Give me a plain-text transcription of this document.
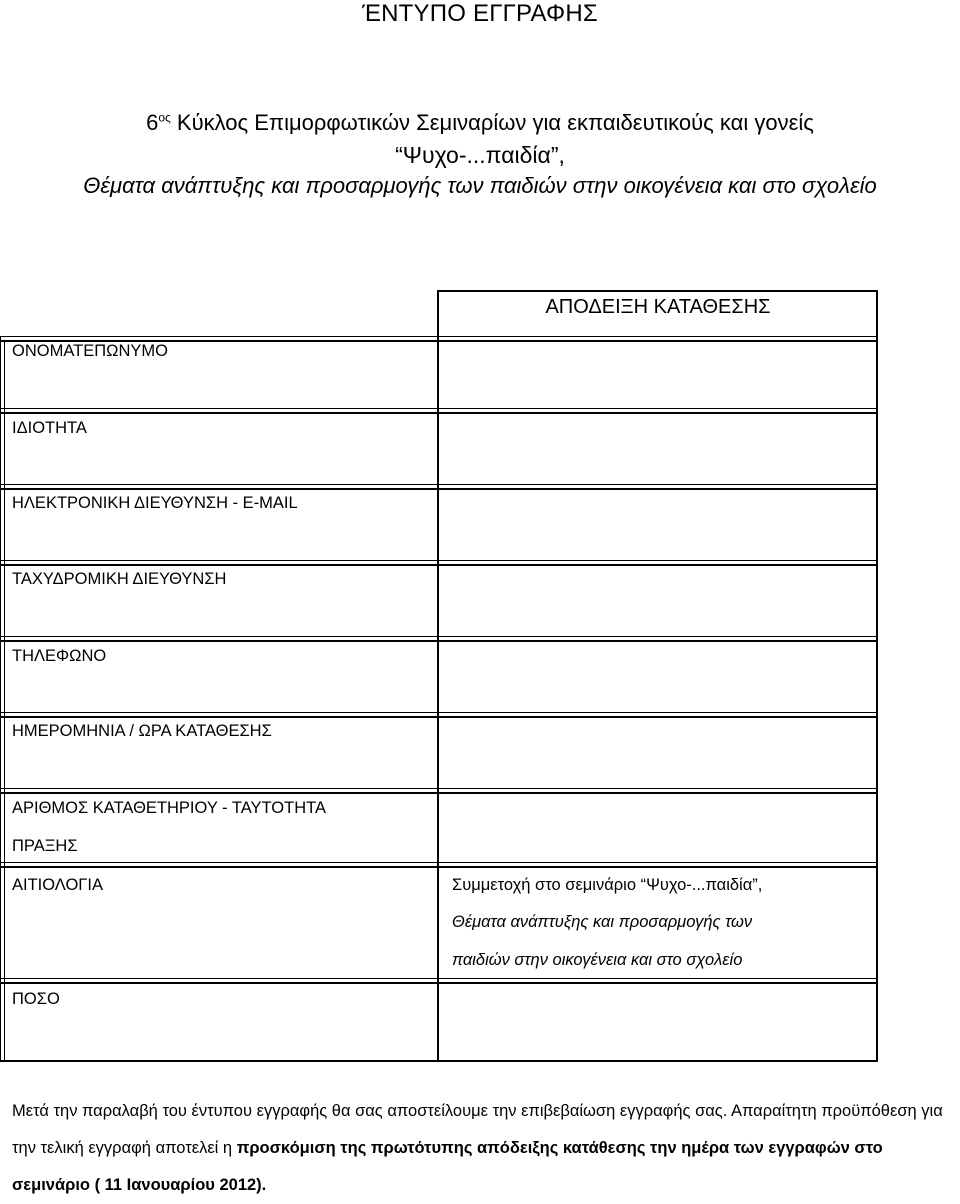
ΈΝΤΥΠΟ ΕΓΓΡΑΦΗΣ
$6^{o\varsigma}$ Κύκλος Επιμορφωτικών Σεμιναρίων για εκπαιδευτικούς και γονείς
“Ψυχο-...παιδία”,
Θέματα ανάπτυξης και προσαρμογής των παιδιών στην οικογένεια και στο σχολείο
ΑΠΟΔΕΙΞΗ ΚΑΤΑΘΕΣΗΣ
ΟΝΟΜΑΤΕΠΩΝΥΜΟ
ΙΔΙΟΤΗΤΑ
ΗΛΕΚΤΡΟΝΙΚΗ ΔΙΕΥΘΥΝΣΗ - E-MAIL
ΤΑΧΥΔΡΟΜΙΚΗ ΔΙΕΥΘΥΝΣΗ
ΤΗΛΕΦΩΝΟ
ΗΜΕΡΟΜΗΝΙΑ / ΩΡΑ ΚΑΤΑΘΕΣΗΣ
ΑΡΙΘΜΟΣ ΚΑΤΑΘΕΤΗΡΙΟΥ - ΤΑΥΤΟΤΗΤΑ
ΠΡΑΞΗΣ
ΑΙΤΙΟΛΟΓΙΑ
ΠΟΣΟ
Συμμετοχή στο σεμινάριο “Ψυχο-...παιδία”,
Θέματα ανάπτυξης και προσαρμογής των
παιδιών στην οικογένεια και στο σχολείο
Μετά την παραλαβή του έντυπου εγγραφής θα σας αποστείλουμε την επιβεβαίωση εγγραφής σας. Απαραίτητη προϋπόθεση για την τελική εγγραφή αποτελεί η προσκόμιση της πρωτότυπης απόδειξης κατάθεσης την ημέρα των εγγραφών στο σεμινάριο ( 11 Ιανουαρίου 2012).
